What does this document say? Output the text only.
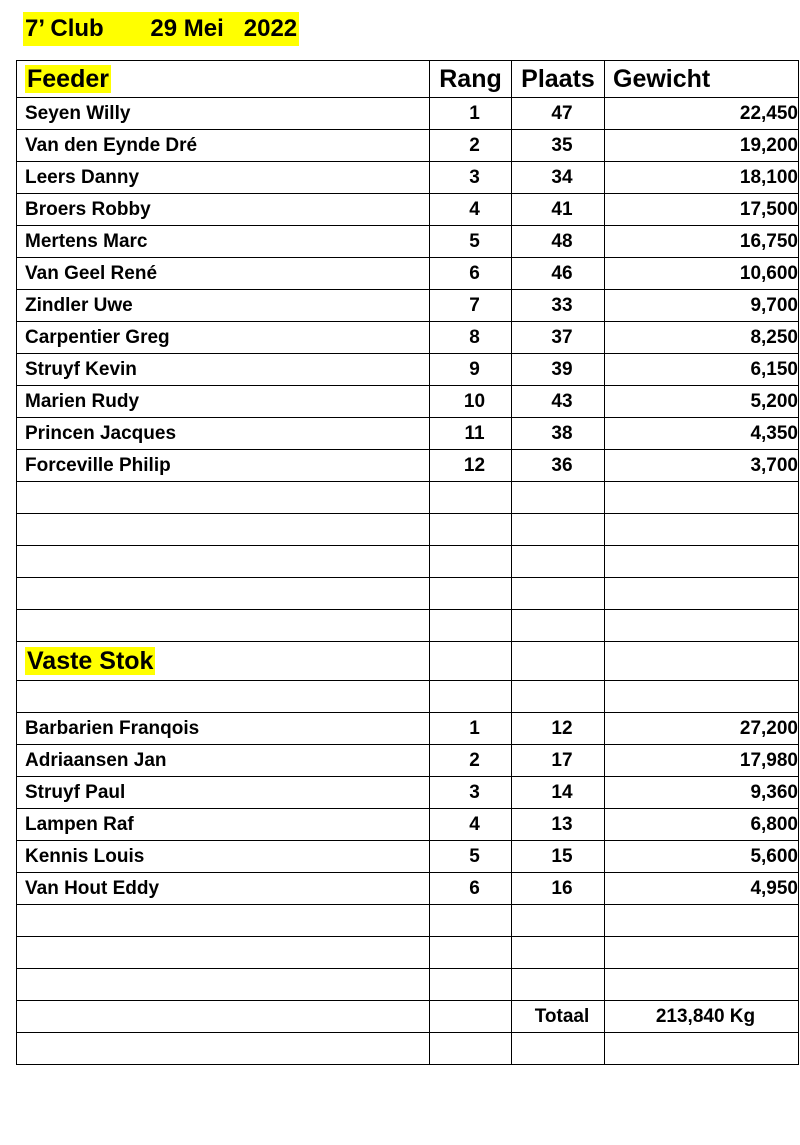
7’ Club 29 Mei   2022
Feeder	Rang	Plaats	Gewicht
Seyen Willy	1	47	22,450
Van den Eynde Dré	2	35	19,200
Leers Danny	3	34	18,100
Broers Robby	4	41	17,500
Mertens Marc	5	48	16,750
Van Geel René	6	46	10,600
Zindler Uwe	7	33	9,700
Carpentier Greg	8	37	8,250
Struyf Kevin	9	39	6,150
Marien Rudy	10	43	5,200
Princen Jacques	11	38	4,350
Forceville Philip	12	36	3,700

Vaste Stok			

Barbarien Franqois	1	12	27,200
Adriaansen Jan	2	17	17,980
Struyf Paul	3	14	9,360
Lampen Raf	4	13	6,800
Kennis Louis	5	15	5,600
Van Hout Eddy	6	16	4,950

		Totaal	213,840 Kg
